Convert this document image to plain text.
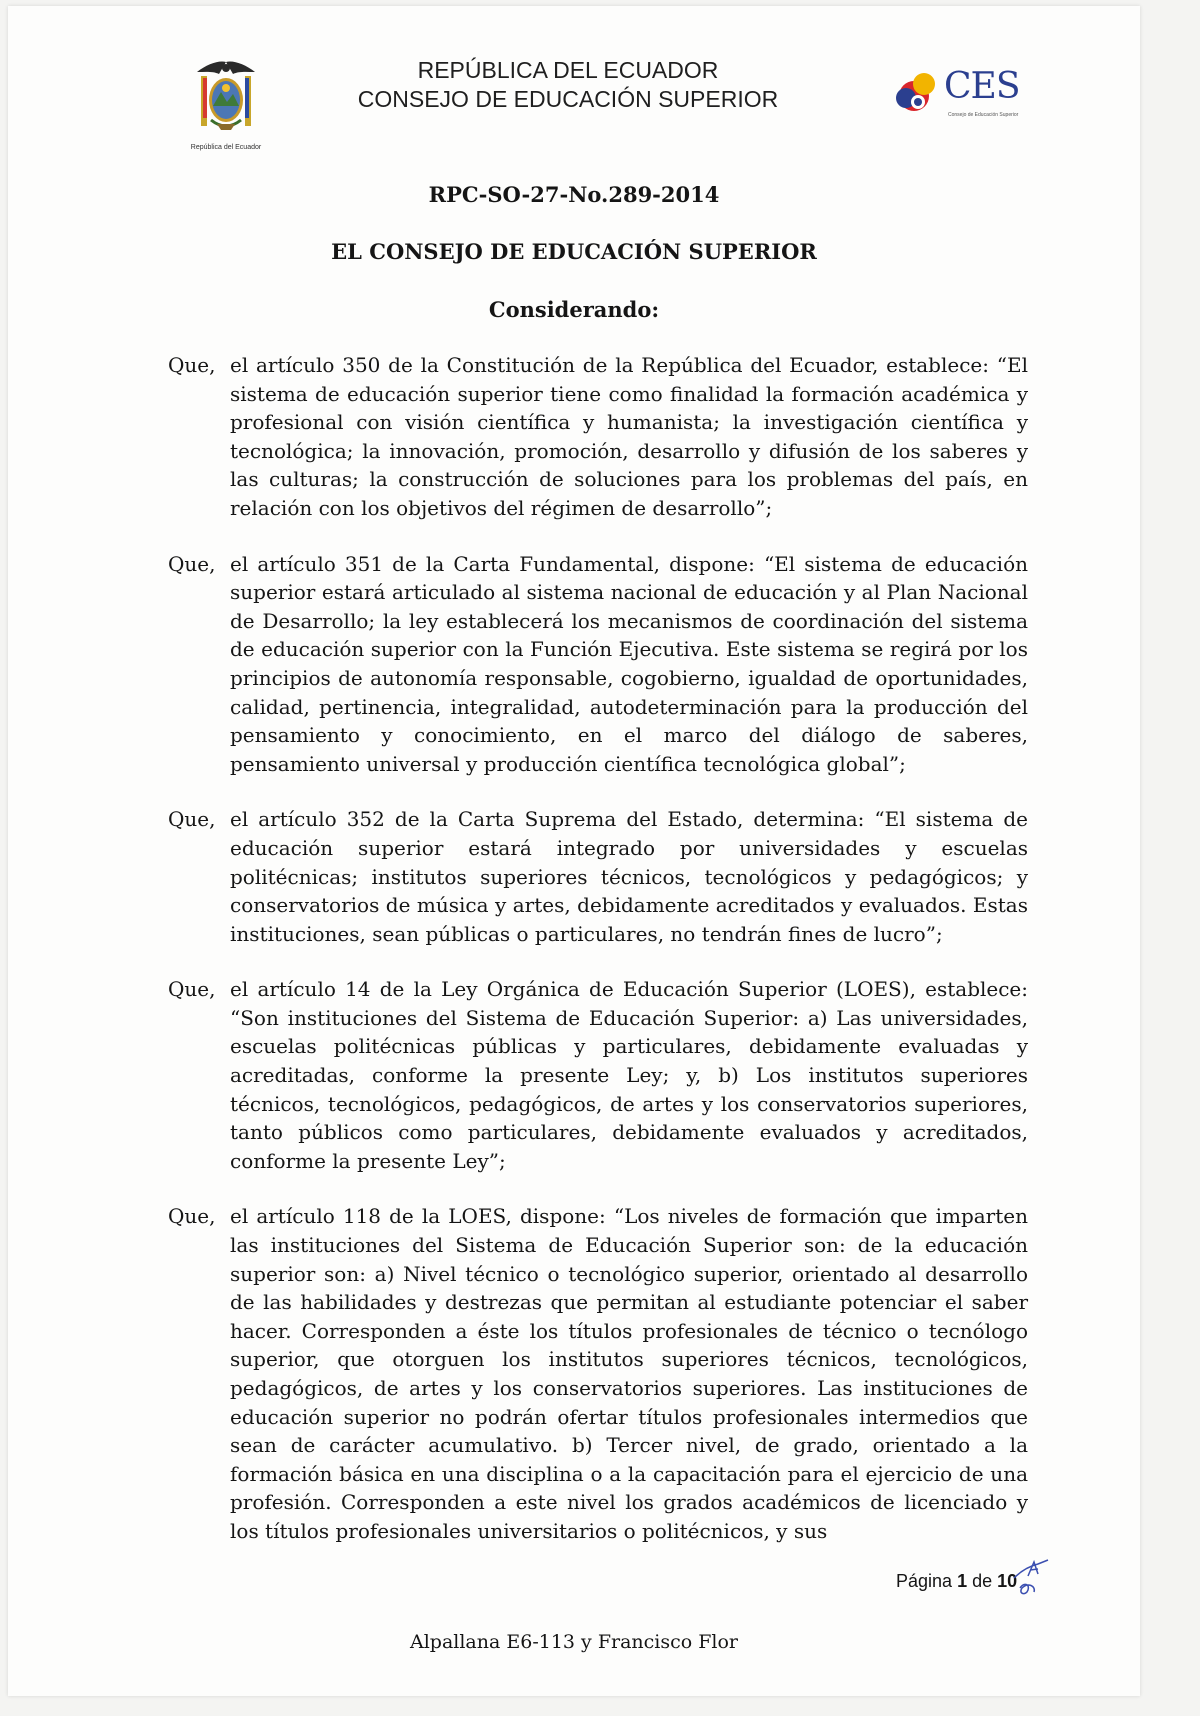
República del Ecuador
REPÚBLICA DEL ECUADOR
CONSEJO DE EDUCACIÓN SUPERIOR	CES
Consejo de Educación Superior
RPC-SO-27-No.289-2014
EL CONSEJO DE EDUCACIÓN SUPERIOR
Considerando:
Que, el artículo 350 de la Constitución de la República del Ecuador, establece: “El sistema de educación superior tiene como finalidad la formación académica y profesional con visión científica y humanista; la investigación científica y tecnológica; la innovación, promoción, desarrollo y difusión de los saberes y las culturas; la construcción de soluciones para los problemas del país, en relación con los objetivos del régimen de desarrollo”;

Que, el artículo 351 de la Carta Fundamental, dispone: “El sistema de educación superior estará articulado al sistema nacional de educación y al Plan Nacional de Desarrollo; la ley establecerá los mecanismos de coordinación del sistema de educación superior con la Función Ejecutiva. Este sistema se regirá por los principios de autonomía responsable, cogobierno, igualdad de oportunidades, calidad, pertinencia, integralidad, autodeterminación para la producción del pensamiento y conocimiento, en el marco del diálogo de saberes, pensamiento universal y producción científica tecnológica global”;

Que, el artículo 352 de la Carta Suprema del Estado, determina: “El sistema de educación superior estará integrado por universidades y escuelas politécnicas; institutos superiores técnicos, tecnológicos y pedagógicos; y conservatorios de música y artes, debidamente acreditados y evaluados. Estas instituciones, sean públicas o particulares, no tendrán fines de lucro”;

Que, el artículo 14 de la Ley Orgánica de Educación Superior (LOES), establece: “Son instituciones del Sistema de Educación Superior: a) Las universidades, escuelas politécnicas públicas y particulares, debidamente evaluadas y acreditadas, conforme la presente Ley; y, b) Los institutos superiores técnicos, tecnológicos, pedagógicos, de artes y los conservatorios superiores, tanto públicos como particulares, debidamente evaluados y acreditados, conforme la presente Ley”;

Que, el artículo 118 de la LOES, dispone: “Los niveles de formación que imparten las instituciones del Sistema de Educación Superior son: de la educación superior son: a) Nivel técnico o tecnológico superior, orientado al desarrollo de las habilidades y destrezas que permitan al estudiante potenciar el saber hacer. Corresponden a éste los títulos profesionales de técnico o tecnólogo superior, que otorguen los institutos superiores técnicos, tecnológicos, pedagógicos, de artes y los conservatorios superiores. Las instituciones de educación superior no podrán ofertar títulos profesionales intermedios que sean de carácter acumulativo. b) Tercer nivel, de grado, orientado a la formación básica en una disciplina o a la capacitación para el ejercicio de una profesión. Corresponden a este nivel los grados académicos de licenciado y los títulos profesionales universitarios o politécnicos, y sus

Página 1 de 10
Alpallana E6-113 y Francisco Flor
